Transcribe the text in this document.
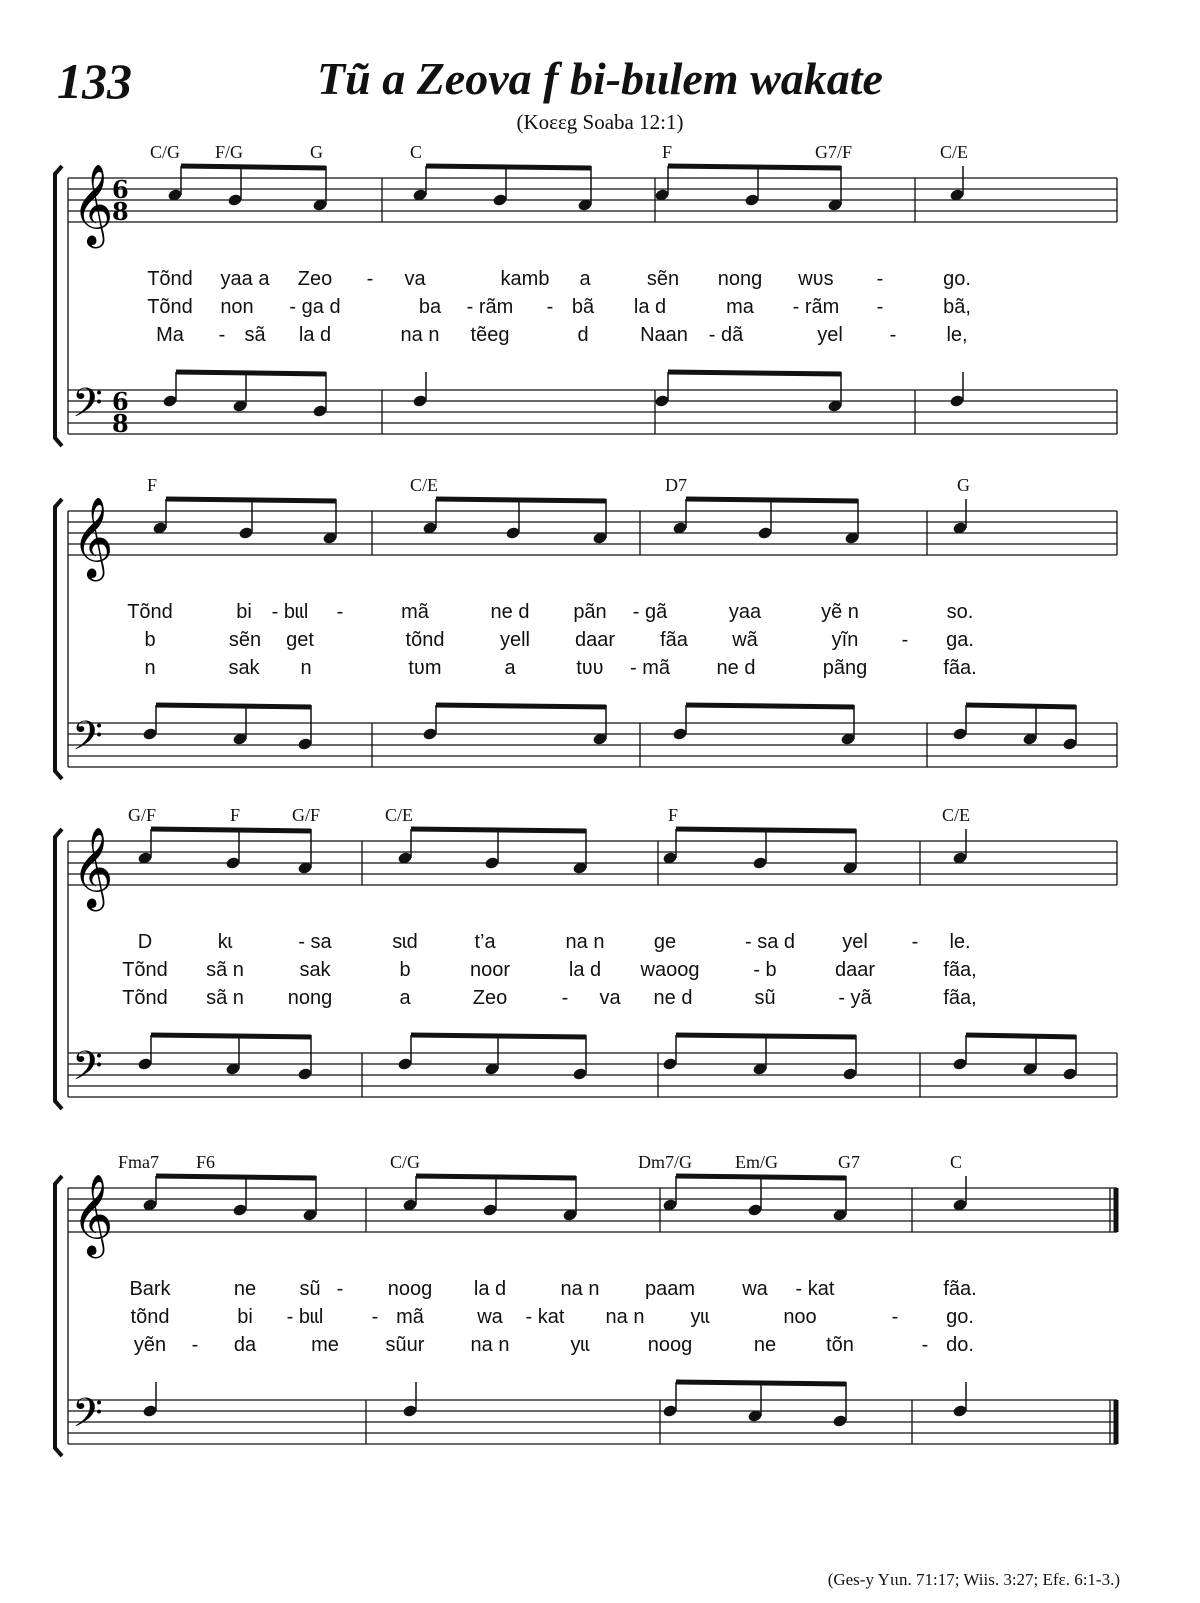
133	Tũ a Zeova f bi-bɩɩlem wakate
(Koɛɛg Soaba 12:1)
𝄞
𝄢
6
8
6
8
C/G F/G	G	C	F	G7/F	C/E
Tõnd yaa a Zeo - va	kamb a	sẽn nong wʋs -	go.
Tõnd non - ga d	ba - rãm - bã la d	ma - rãm -	bã,
Ma - sã la d	na n tẽeg	d	Naan - dã	yel -	le,
𝄞
𝄢
F	C/E	D7	G
Tõnd	bi - bɩɩl -	mã	ne d pãn - gã	yaa	yẽ n	so.
b	sẽn get	tõnd	yell daar fãa wã	yĩn - ga.
n	sak n	tʋm	a	tʋʋ - mã ne d	pãng	fãa.
𝄞
𝄢
G/F	F	G/F	C/E	F	C/E
D	kɩ	- sa	sɩd	t’a	na n ge	- sa d yel - le.
Tõnd sã n	sak	b	noor	la d waoog	- b	daar	fãa,
Tõnd sã n nong	a	Zeo	- va ne d	sũ	- yã	fãa,
𝄞
𝄢
Fma7 F6	C/G	Dm7/G Em/G	G7	C
Bark	ne sũ - noog la d	na n paam wa - kat	fãa.
tõnd	bi - bɩɩl - mã	wa - kat na n yɩɩ	noo	- go.
yẽn - da	me sũur na n	yɩɩ	noog	ne tõn	- do.
(Ges-y Yɩɩn. 71:17; Wiis. 3:27; Efɛ. 6:1-3.)
